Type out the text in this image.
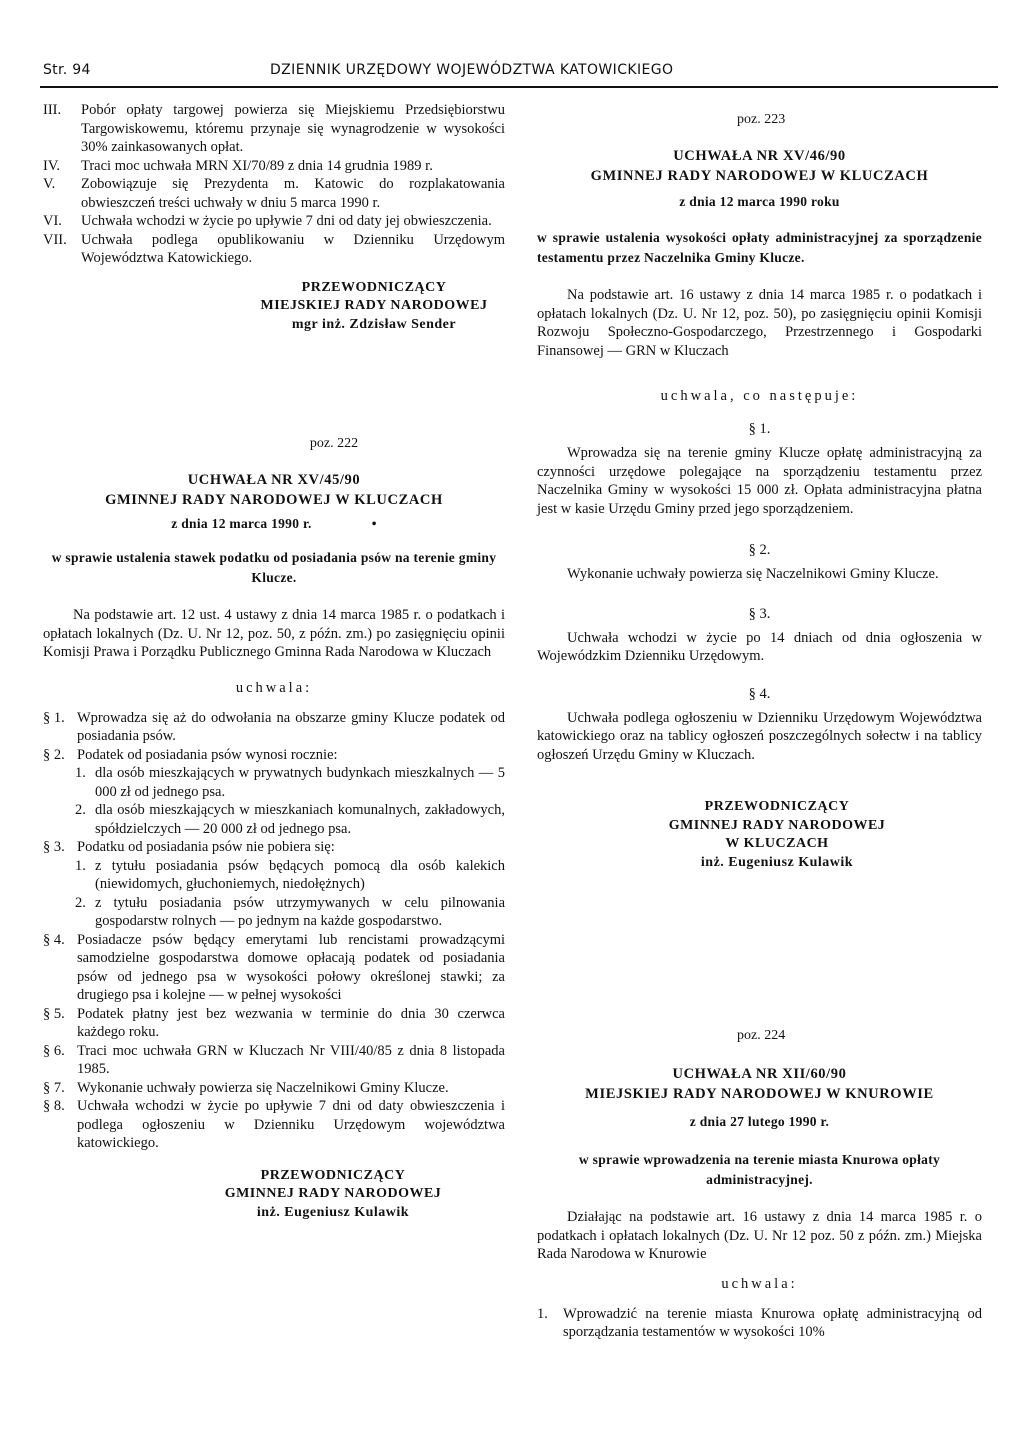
Str. 94	DZIENNIK URZĘDOWY WOJEWÓDZTWA KATOWICKIEGO
III. Pobór opłaty targowej powierza się Miejskiemu Przedsiębiorstwu Targowiskowemu, któremu przynaje się wynagrodzenie w wysokości 30% zainkasowanych opłat.
IV. Traci moc uchwała MRN XI/70/89 z dnia 14 grudnia 1989 r.
V. Zobowiązuje się Prezydenta m. Katowic do rozplakatowania obwieszczeń treści uchwały w dniu 5 marca 1990 r.
VI. Uchwała wchodzi w życie po upływie 7 dni od daty jej obwieszczenia.
VII. Uchwała podlega opublikowaniu w Dzienniku Urzędowym Województwa Katowickiego.
PRZEWODNICZĄCY
MIEJSKIEJ RADY NARODOWEJ
mgr inż. Zdzisław Sender
poz. 222
UCHWAŁA NR XV/45/90
GMINNEJ RADY NARODOWEJ W KLUCZACH
z dnia 12 marca 1990 r.	•
w sprawie ustalenia stawek podatku od posiadania psów na terenie gminy Klucze.

Na podstawie art. 12 ust. 4 ustawy z dnia 14 marca 1985 r. o podatkach i opłatach lokalnych (Dz. U. Nr 12, poz. 50, z późn. zm.) po zasięgnięciu opinii Komisji Prawa i Porządku Publicznego Gminna Rada Narodowa w Kluczach

uchwala:
§ 1. Wprowadza się aż do odwołania na obszarze gminy Klucze podatek od posiadania psów.
§ 2. Podatek od posiadania psów wynosi rocznie:
1. dla osób mieszkających w prywatnych budynkach mieszkalnych — 5 000 zł od jednego psa.
2. dla osób mieszkających w mieszkaniach komunalnych, zakładowych, spółdzielczych — 20 000 zł od jednego psa.
§ 3. Podatku od posiadania psów nie pobiera się:
1. z tytułu posiadania psów będących pomocą dla osób kalekich (niewidomych, głuchoniemych, niedołężnych)
2. z tytułu posiadania psów utrzymywanych w celu pilnowania gospodarstw rolnych — po jednym na każde gospodarstwo.
§ 4. Posiadacze psów będący emerytami lub rencistami prowadzącymi samodzielne gospodarstwa domowe opłacają podatek od posiadania psów od jednego psa w wysokości połowy określonej stawki; za drugiego psa i kolejne — w pełnej wysokości
§ 5. Podatek płatny jest bez wezwania w terminie do dnia 30 czerwca każdego roku.
§ 6. Traci moc uchwała GRN w Kluczach Nr VIII/40/85 z dnia 8 listopada 1985.
§ 7. Wykonanie uchwały powierza się Naczelnikowi Gminy Klucze.
§ 8. Uchwała wchodzi w życie po upływie 7 dni od daty obwieszczenia i podlega ogłoszeniu w Dzienniku Urzędowym województwa katowickiego.
PRZEWODNICZĄCY
GMINNEJ RADY NARODOWEJ
inż. Eugeniusz Kulawik
poz. 223
UCHWAŁA NR XV/46/90
GMINNEJ RADY NARODOWEJ W KLUCZACH
z dnia 12 marca 1990 roku
w sprawie ustalenia wysokości opłaty administracyjnej za sporządzenie testamentu przez Naczelnika Gminy Klucze.

Na podstawie art. 16 ustawy z dnia 14 marca 1985 r. o podatkach i opłatach lokalnych (Dz. U. Nr 12, poz. 50), po zasięgnięciu opinii Komisji Rozwoju Społeczno-Gospodarczego, Przestrzennego i Gospodarki Finansowej — GRN w Kluczach

uchwala, co następuje:
§ 1.

Wprowadza się na terenie gminy Klucze opłatę administracyjną za czynności urzędowe polegające na sporządzeniu testamentu przez Naczelnika Gminy w wysokości 15 000 zł. Opłata administracyjna płatna jest w kasie Urzędu Gminy przed jego sporządzeniem.

§ 2.

Wykonanie uchwały powierza się Naczelnikowi Gminy Klucze.

§ 3.

Uchwała wchodzi w życie po 14 dniach od dnia ogłoszenia w Wojewódzkim Dzienniku Urzędowym.

§ 4.

Uchwała podlega ogłoszeniu w Dzienniku Urzędowym Województwa katowickiego oraz na tablicy ogłoszeń poszczególnych sołectw i na tablicy ogłoszeń Urzędu Gminy w Kluczach.

PRZEWODNICZĄCY
GMINNEJ RADY NARODOWEJ
W KLUCZACH
inż. Eugeniusz Kulawik
poz. 224
UCHWAŁA NR XII/60/90
MIEJSKIEJ RADY NARODOWEJ W KNUROWIE
z dnia 27 lutego 1990 r.
w sprawie wprowadzenia na terenie miasta Knurowa opłaty administracyjnej.

Działając na podstawie art. 16 ustawy z dnia 14 marca 1985 r. o podatkach i opłatach lokalnych (Dz. U. Nr 12 poz. 50 z późn. zm.) Miejska Rada Narodowa w Knurowie

uchwala:
1.	Wprowadzić na terenie miasta Knurowa opłatę administracyjną od sporządzania testamentów w wysokości 10%
